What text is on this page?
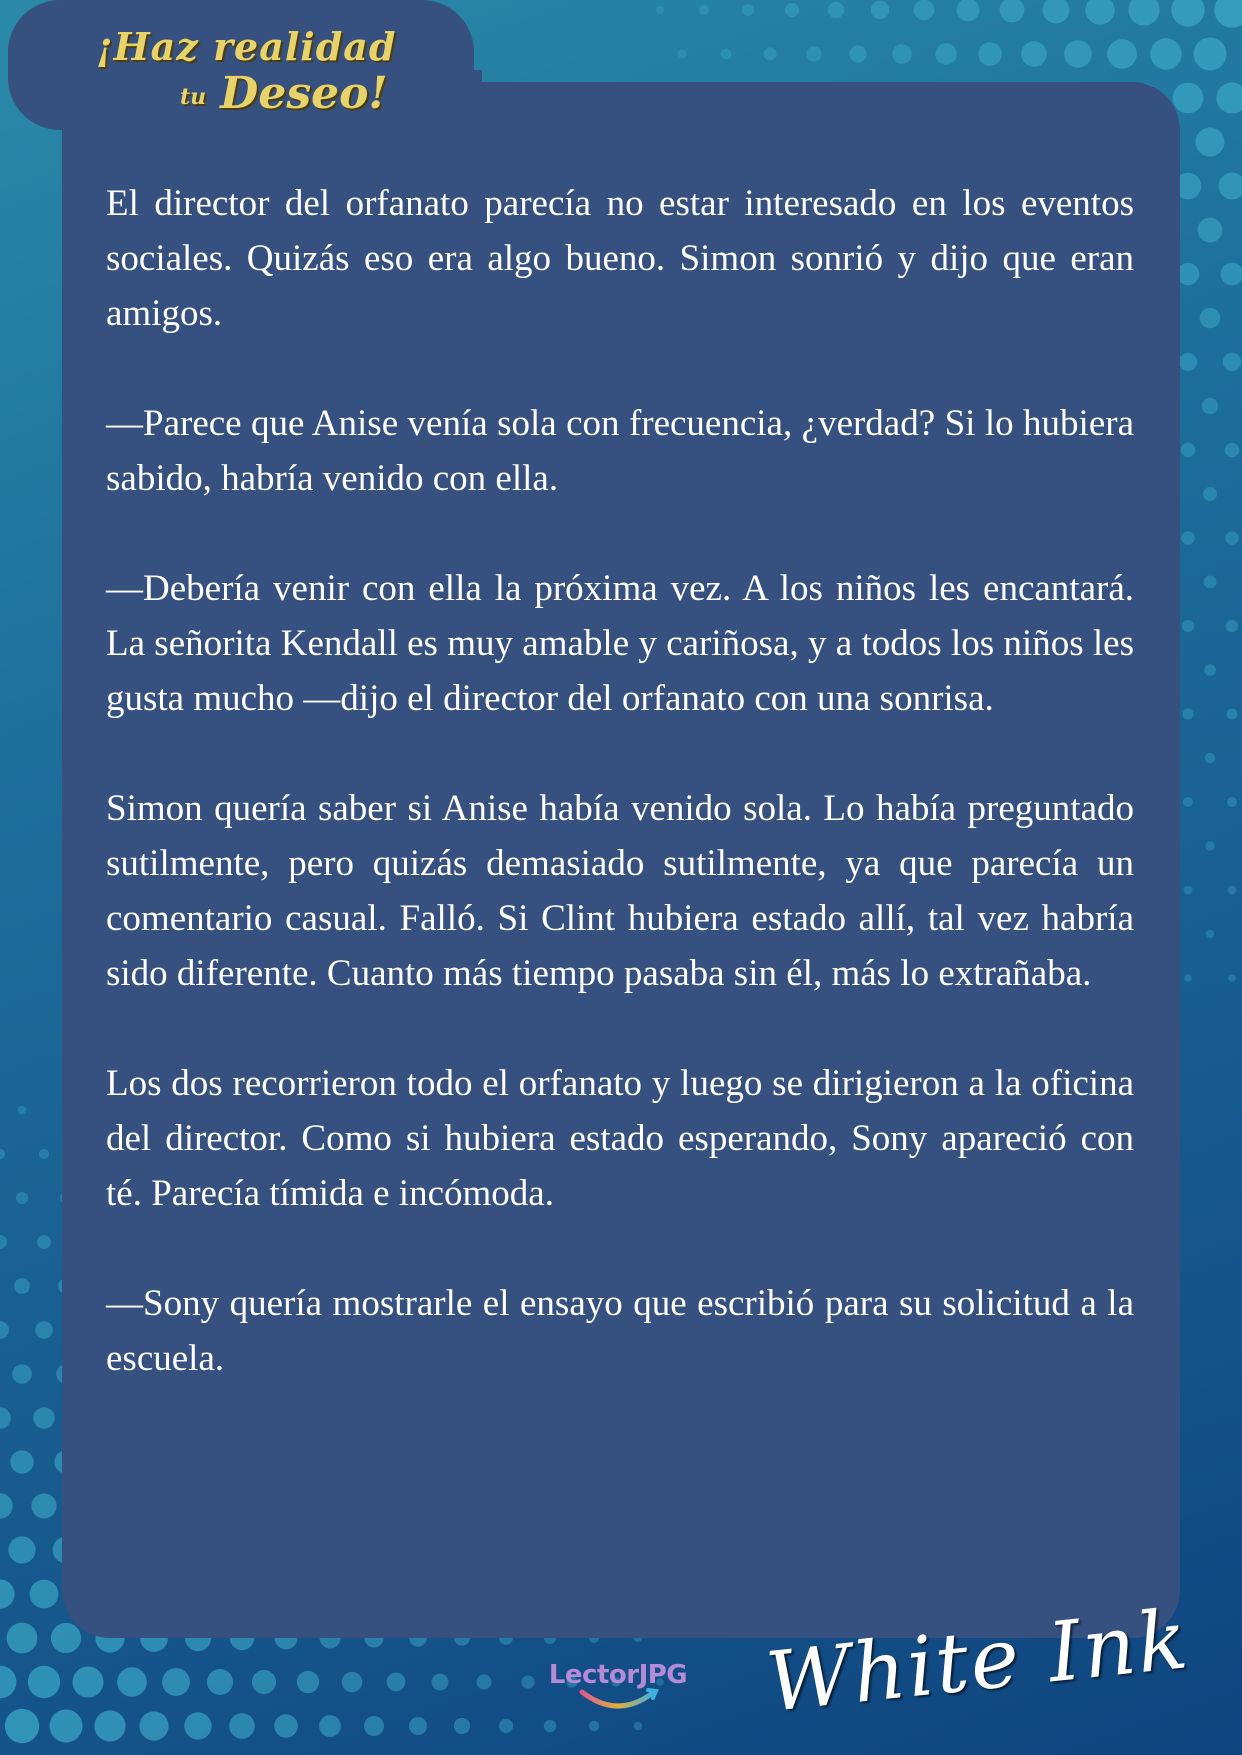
¡Haz realidad
tu Deseo!

El director del orfanato parecía no estar interesado en los eventos sociales. Quizás eso era algo bueno. Simon sonrió y dijo que eran amigos.

—Parece que Anise venía sola con frecuencia, ¿verdad? Si lo hubiera sabido, habría venido con ella.

—Debería venir con ella la próxima vez. A los niños les encantará. La señorita Kendall es muy amable y cariñosa, y a todos los niños les gusta mucho —dijo el director del orfanato con una sonrisa.

Simon quería saber si Anise había venido sola. Lo había preguntado sutilmente, pero quizás demasiado sutilmente, ya que parecía un comentario casual. Falló. Si Clint hubiera estado allí, tal vez habría sido diferente. Cuanto más tiempo pasaba sin él, más lo extrañaba.

Los dos recorrieron todo el orfanato y luego se dirigieron a la oficina del director. Como si hubiera estado esperando, Sony apareció con té. Parecía tímida e incómoda.

—Sony quería mostrarle el ensayo que escribió para su solicitud a la escuela.

LectorJPG White Ink
